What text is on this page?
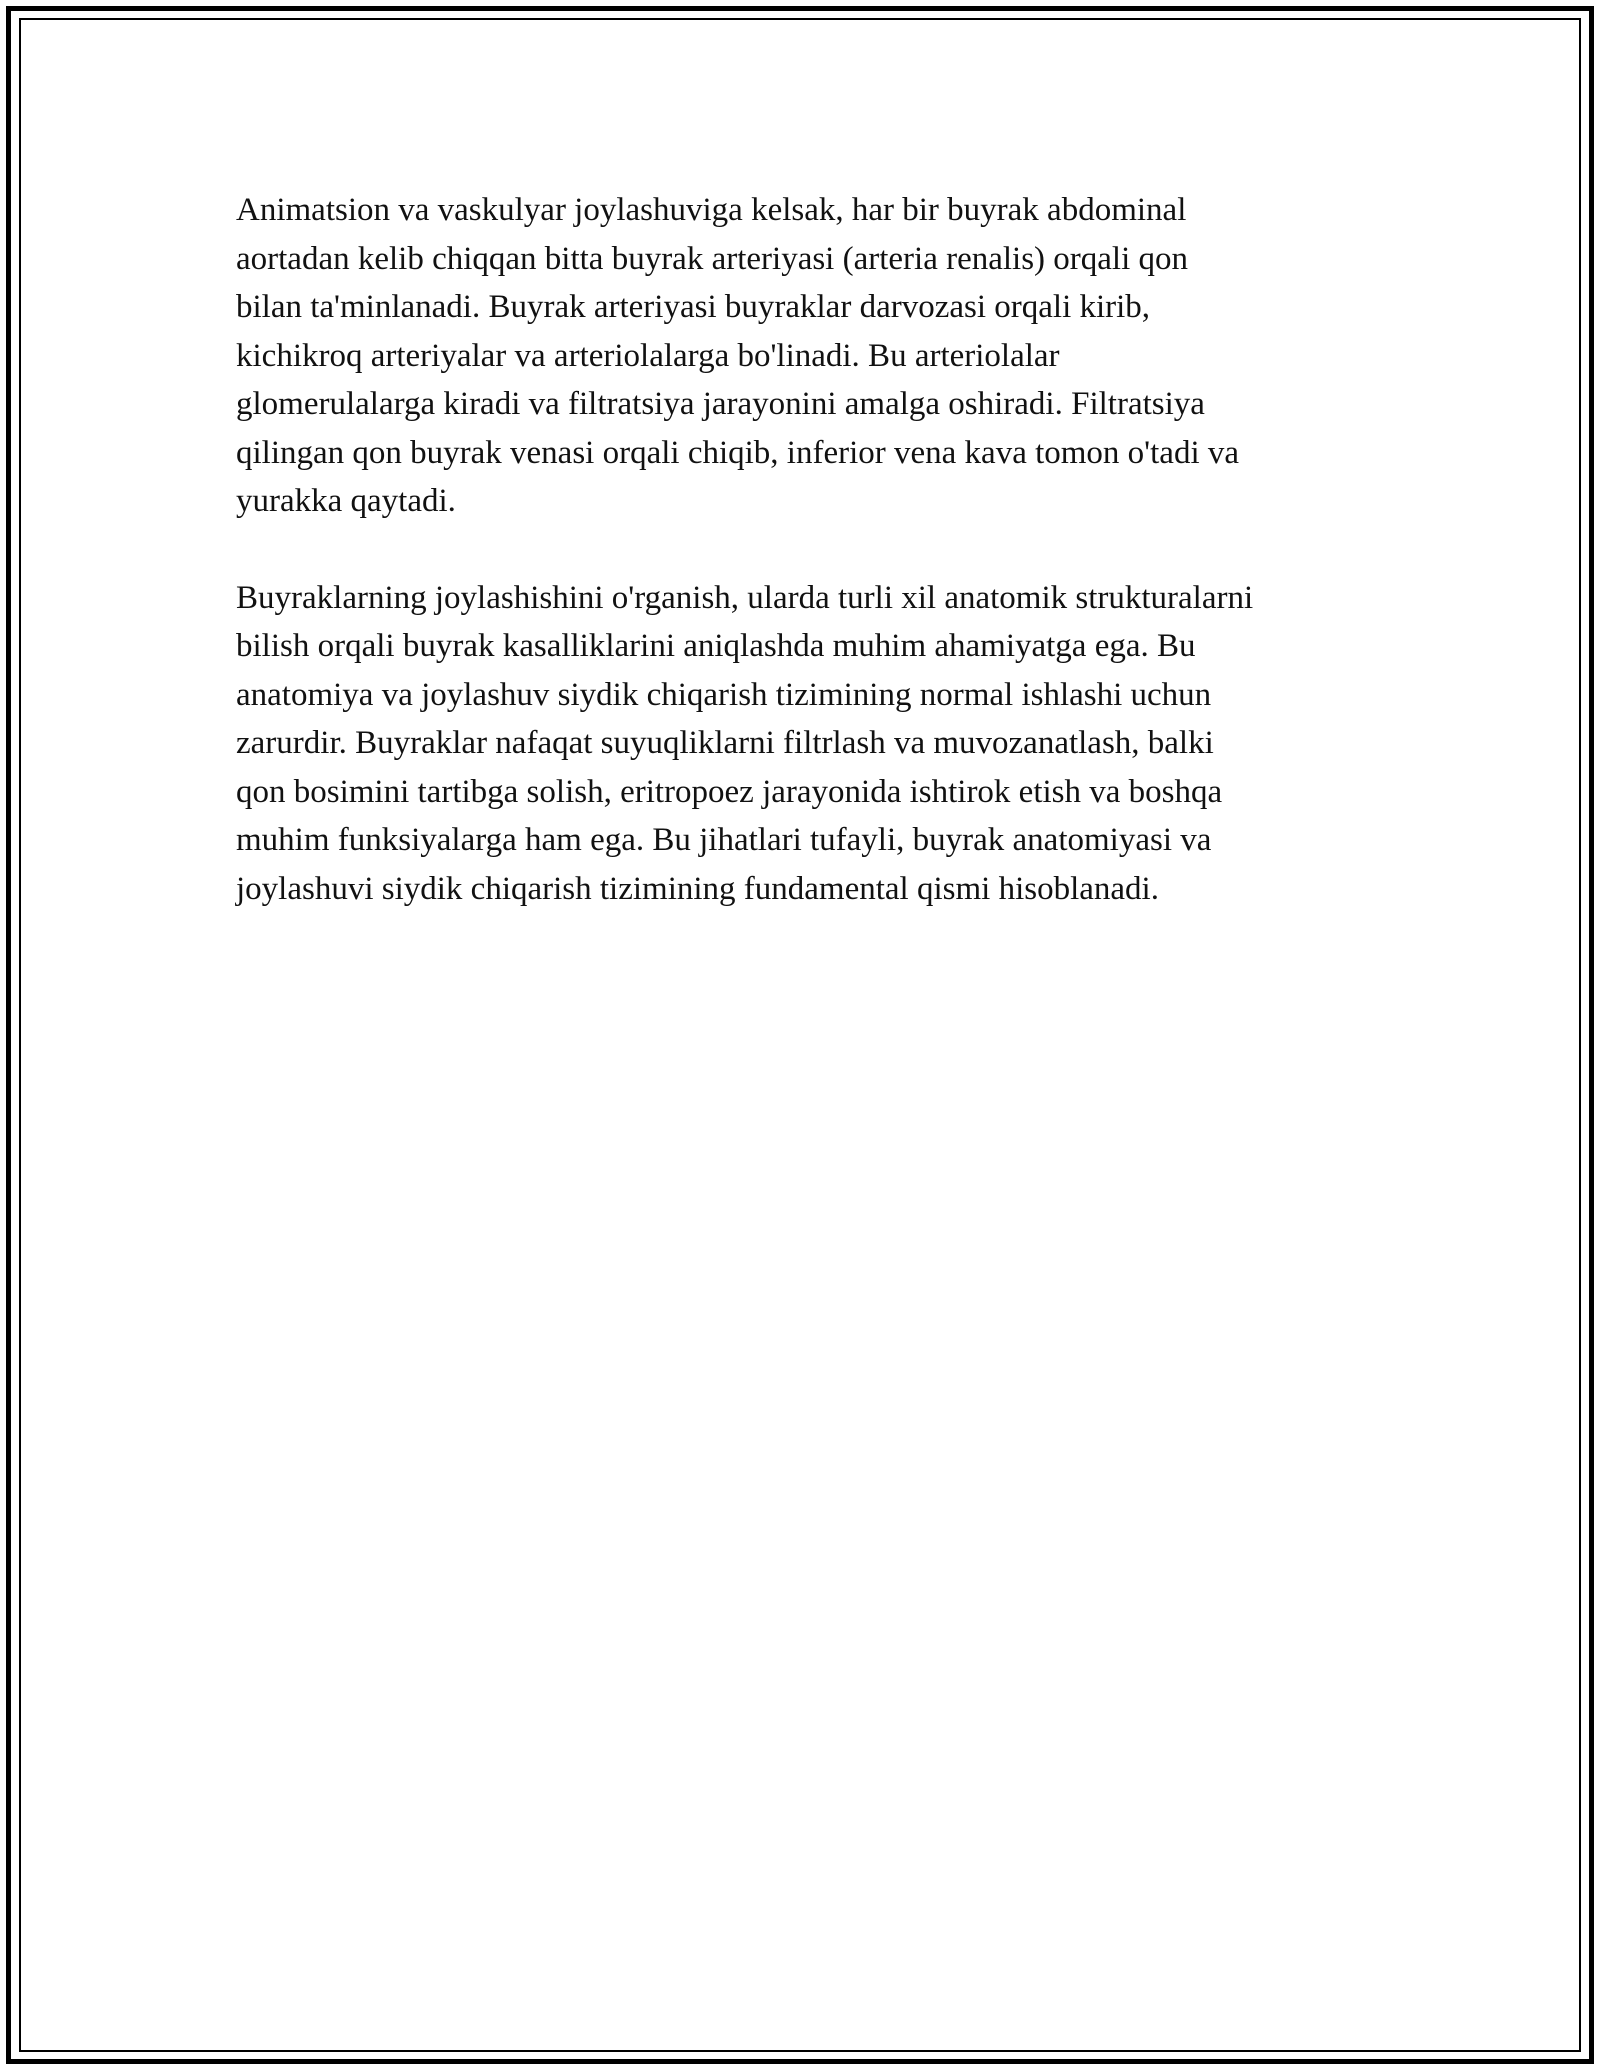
Animatsion va vaskulyar joylashuviga kelsak, har bir buyrak abdominal
aortadan kelib chiqqan bitta buyrak arteriyasi (arteria renalis) orqali qon
bilan ta'minlanadi. Buyrak arteriyasi buyraklar darvozasi orqali kirib,
kichikroq arteriyalar va arteriolalarga bo'linadi. Bu arteriolalar
glomerulalarga kiradi va filtratsiya jarayonini amalga oshiradi. Filtratsiya
qilingan qon buyrak venasi orqali chiqib, inferior vena kava tomon o'tadi va
yurakka qaytadi.

Buyraklarning joylashishini o'rganish, ularda turli xil anatomik strukturalarni
bilish orqali buyrak kasalliklarini aniqlashda muhim ahamiyatga ega. Bu
anatomiya va joylashuv siydik chiqarish tizimining normal ishlashi uchun
zarurdir. Buyraklar nafaqat suyuqliklarni filtrlash va muvozanatlash, balki
qon bosimini tartibga solish, eritropoez jarayonida ishtirok etish va boshqa
muhim funksiyalarga ham ega. Bu jihatlari tufayli, buyrak anatomiyasi va
joylashuvi siydik chiqarish tizimining fundamental qismi hisoblanadi.
